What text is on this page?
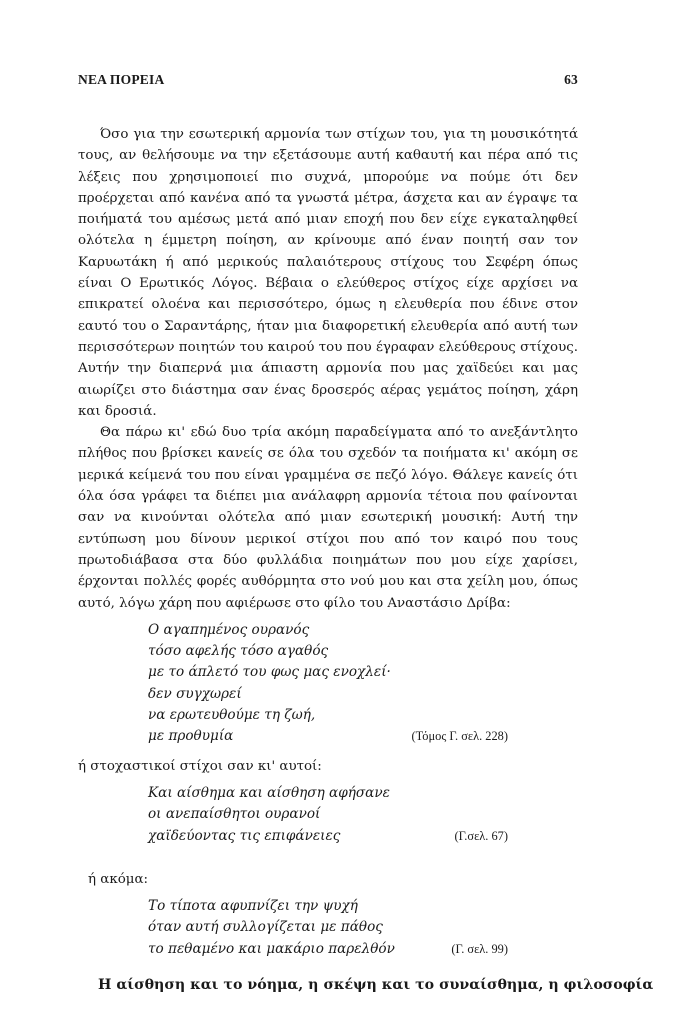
ΝΕΑ ΠΟΡΕΙΑ	63

Όσο για την εσωτερική αρμονία των στίχων του, για τη μουσικότητά τους, αν θελήσουμε να την εξετάσουμε αυτή καθαυτή και πέρα από τις λέξεις που χρησιμοποιεί πιο συχνά, μπορούμε να πούμε ότι δεν προέρχεται από κανένα από τα γνωστά μέτρα, άσχετα και αν έγραψε τα ποιήματά του αμέσως μετά από μιαν εποχή που δεν είχε εγκαταληφθεί ολότελα η έμμετρη ποίηση, αν κρίνουμε από έναν ποιητή σαν τον Καρυωτάκη ή από μερικούς παλαιότερους στίχους του Σεφέρη όπως είναι Ο Ερωτικός Λόγος. Βέβαια ο ελεύθερος στίχος είχε αρχίσει να επικρατεί ολοένα και περισσότερο, όμως η ελευθερία που έδινε στον εαυτό του ο Σαραντάρης, ήταν μια διαφορετική ελευθερία από αυτή των περισσότερων ποιητών του καιρού του που έγραφαν ελεύθερους στίχους. Αυτήν την διαπερνά μια άπιαστη αρμονία που μας χαϊδεύει και μας αιωρίζει στο διάστημα σαν ένας δροσερός αέρας γεμάτος ποίηση, χάρη και δροσιά.

Θα πάρω κι' εδώ δυο τρία ακόμη παραδείγματα από το ανεξάντλητο πλήθος που βρίσκει κανείς σε όλα του σχεδόν τα ποιήματα κι' ακόμη σε μερικά κείμενά του που είναι γραμμένα σε πεζό λόγο. Θάλεγε κανείς ότι όλα όσα γράφει τα διέπει μια ανάλαφρη αρμονία τέτοια που φαίνονται σαν να κινούνται ολότελα από μιαν εσωτερική μουσική: Αυτή την εντύπωση μου δίνουν μερικοί στίχοι που από τον καιρό που τους πρωτοδιάβασα στα δύο φυλλάδια ποιημάτων που μου είχε χαρίσει, έρχονται πολλές φορές αυθόρμητα στο νού μου και στα χείλη μου, όπως αυτό, λόγω χάρη που αφιέρωσε στο φίλο του Αναστάσιο Δρίβα:

Ο αγαπημένος ουρανός
τόσο αφελής τόσο αγαθός
με το άπλετό του φως μας ενοχλεί·
δεν συγχωρεί
να ερωτευθούμε τη ζωή,
με προθυμία	(Τόμος Γ. σελ. 228)
ή στοχαστικοί στίχοι σαν κι' αυτοί:
Και αίσθημα και αίσθηση αφήσανε
οι ανεπαίσθητοι ουρανοί
χαϊδεύοντας τις επιφάνειες	(Γ.σελ. 67)
ή ακόμα:
Το τίποτα αφυπνίζει την ψυχή
όταν αυτή συλλογίζεται με πάθος
το πεθαμένο και μακάριο παρελθόν	(Γ. σελ. 99)
Η αίσθηση και το νόημα, η σκέψη και το συναίσθημα, η φιλοσοφία
